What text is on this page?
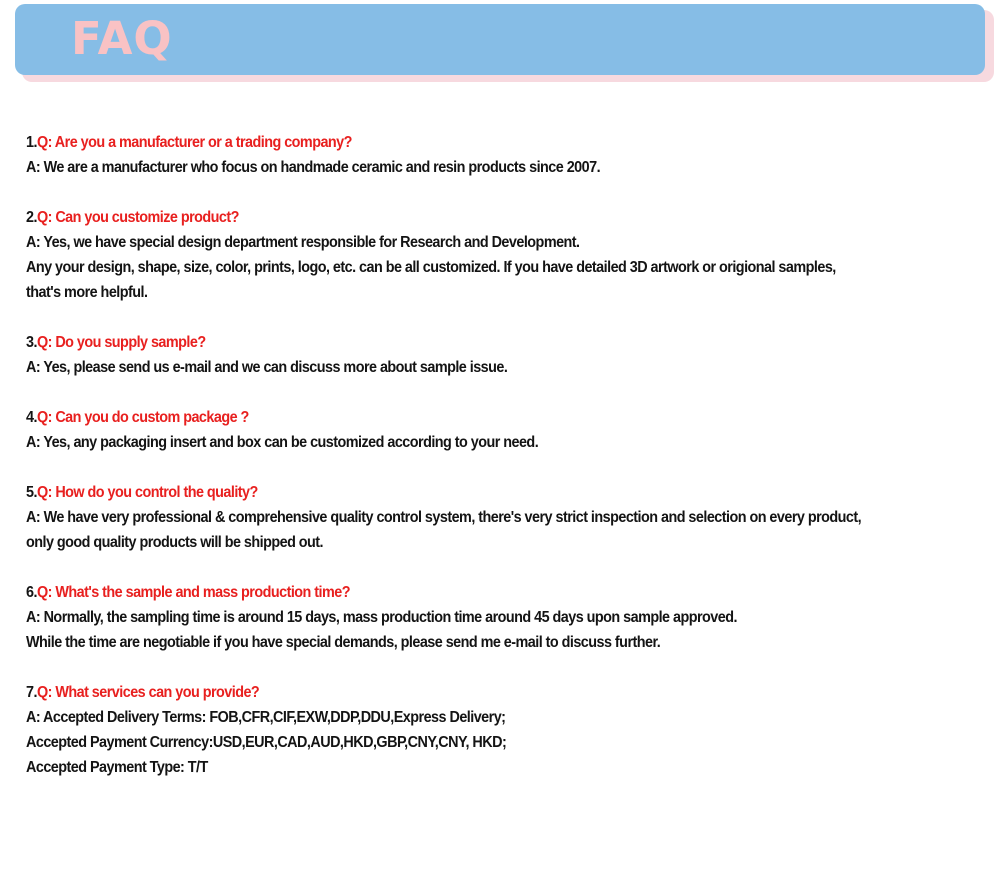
FAQ
1.Q: Are you a manufacturer or a trading company?
A: We are a manufacturer who focus on handmade ceramic and resin products since 2007.
2.Q: Can you customize product?
A: Yes, we have special design department responsible for Research and Development.
Any your design, shape, size, color, prints, logo, etc. can be all customized. If you have detailed 3D artwork or origional samples,
that's more helpful.
3.Q: Do you supply sample?
A: Yes, please send us e-mail and we can discuss more about sample issue.
4.Q: Can you do custom package ?
A: Yes, any packaging insert and box can be customized according to your need.
5.Q: How do you control the quality?
A: We have very professional & comprehensive quality control system, there's very strict inspection and selection on every product,
only good quality products will be shipped out.
6.Q: What's the sample and mass production time?
A: Normally, the sampling time is around 15 days, mass production time around 45 days upon sample approved.
While the time are negotiable if you have special demands, please send me e-mail to discuss further.
7.Q: What services can you provide?
A: Accepted Delivery Terms: FOB,CFR,CIF,EXW,DDP,DDU,Express Delivery;
Accepted Payment Currency:USD,EUR,CAD,AUD,HKD,GBP,CNY,CNY, HKD;
Accepted Payment Type: T/T
